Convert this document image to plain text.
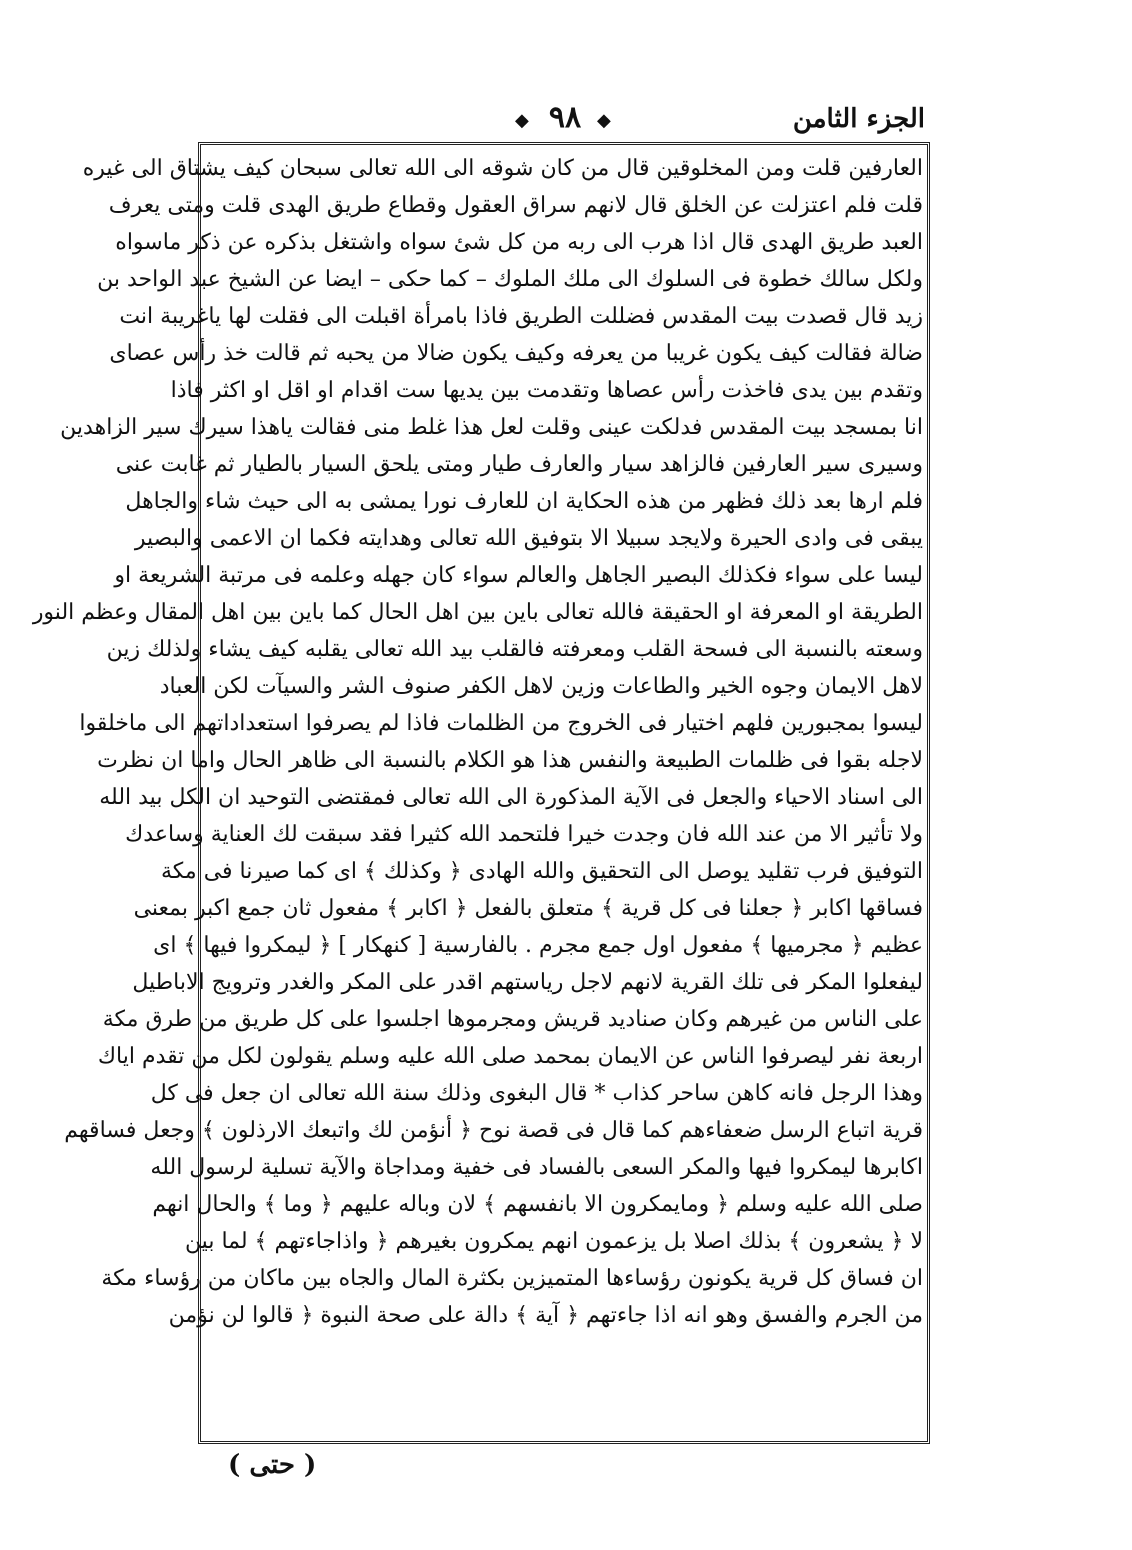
الجزء الثامن
◆ ٩٨ ◆
العارفين قلت ومن المخلوقين قال من كان شوقه الى الله تعالى سبحان كيف يشتاق الى غيره
قلت فلم اعتزلت عن الخلق قال لانهم سراق العقول وقطاع طريق الهدى قلت ومتى يعرف
العبد طريق الهدى قال اذا هرب الى ربه من كل شئ سواه واشتغل بذكره عن ذكر ماسواه
ولكل سالك خطوة فى السلوك الى ملك الملوك – كما حكى – ايضا عن الشيخ عبد الواحد بن
زيد قال قصدت بيت المقدس فضللت الطريق فاذا بامرأة اقبلت الى فقلت لها ياغريبة انت
ضالة فقالت كيف يكون غريبا من يعرفه وكيف يكون ضالا من يحبه ثم قالت خذ رأس عصاى
وتقدم بين يدى فاخذت رأس عصاها وتقدمت بين يديها ست اقدام او اقل او اكثر فاذا
انا بمسجد بيت المقدس فدلكت عينى وقلت لعل هذا غلط منى فقالت ياهذا سيرك سير الزاهدين
وسيرى سير العارفين فالزاهد سيار والعارف طيار ومتى يلحق السيار بالطيار ثم غابت عنى
فلم ارها بعد ذلك فظهر من هذه الحكاية ان للعارف نورا يمشى به الى حيث شاء والجاهل
يبقى فى وادى الحيرة ولايجد سبيلا الا بتوفيق الله تعالى وهدايته فكما ان الاعمى والبصير
ليسا على سواء فكذلك البصير الجاهل والعالم سواء كان جهله وعلمه فى مرتبة الشريعة او
الطريقة او المعرفة او الحقيقة فالله تعالى باين بين اهل الحال كما باين بين اهل المقال وعظم النور
وسعته بالنسبة الى فسحة القلب ومعرفته فالقلب بيد الله تعالى يقلبه كيف يشاء ولذلك زين
لاهل الايمان وجوه الخير والطاعات وزين لاهل الكفر صنوف الشر والسيآت لكن العباد
ليسوا بمجبورين فلهم اختيار فى الخروج من الظلمات فاذا لم يصرفوا استعداداتهم الى ماخلقوا
لاجله بقوا فى ظلمات الطبيعة والنفس هذا هو الكلام بالنسبة الى ظاهر الحال واما ان نظرت
الى اسناد الاحياء والجعل فى الآية المذكورة الى الله تعالى فمقتضى التوحيد ان الكل بيد الله
ولا تأثير الا من عند الله فان وجدت خيرا فلتحمد الله كثيرا فقد سبقت لك العناية وساعدك
التوفيق فرب تقليد يوصل الى التحقيق والله الهادى ﴿ وكذلك ﴾ اى كما صيرنا فى مكة
فساقها اكابر ﴿ جعلنا فى كل قرية ﴾ متعلق بالفعل ﴿ اكابر ﴾ مفعول ثان جمع اكبر بمعنى
عظيم ﴿ مجرميها ﴾ مفعول اول جمع مجرم . بالفارسية [ كنهكار ] ﴿ ليمكروا فيها ﴾ اى
ليفعلوا المكر فى تلك القرية لانهم لاجل رياستهم اقدر على المكر والغدر وترويج الاباطيل
على الناس من غيرهم وكان صناديد قريش ومجرموها اجلسوا على كل طريق من طرق مكة
اربعة نفر ليصرفوا الناس عن الايمان بمحمد صلى الله عليه وسلم يقولون لكل من تقدم اياك
وهذا الرجل فانه كاهن ساحر كذاب * قال البغوى وذلك سنة الله تعالى ان جعل فى كل
قرية اتباع الرسل ضعفاءهم كما قال فى قصة نوح ﴿ أنؤمن لك واتبعك الارذلون ﴾ وجعل فساقهم
اكابرها ليمكروا فيها والمكر السعى بالفساد فى خفية ومداجاة والآية تسلية لرسول الله
صلى الله عليه وسلم ﴿ ومايمكرون الا بانفسهم ﴾ لان وباله عليهم ﴿ وما ﴾ والحال انهم
لا ﴿ يشعرون ﴾ بذلك اصلا بل يزعمون انهم يمكرون بغيرهم ﴿ واذاجاءتهم ﴾ لما بين
ان فساق كل قرية يكونون رؤساءها المتميزين بكثرة المال والجاه بين ماكان من رؤساء مكة
من الجرم والفسق وهو انه اذا جاءتهم ﴿ آية ﴾ دالة على صحة النبوة ﴿ قالوا لن نؤمن
( حتى )
